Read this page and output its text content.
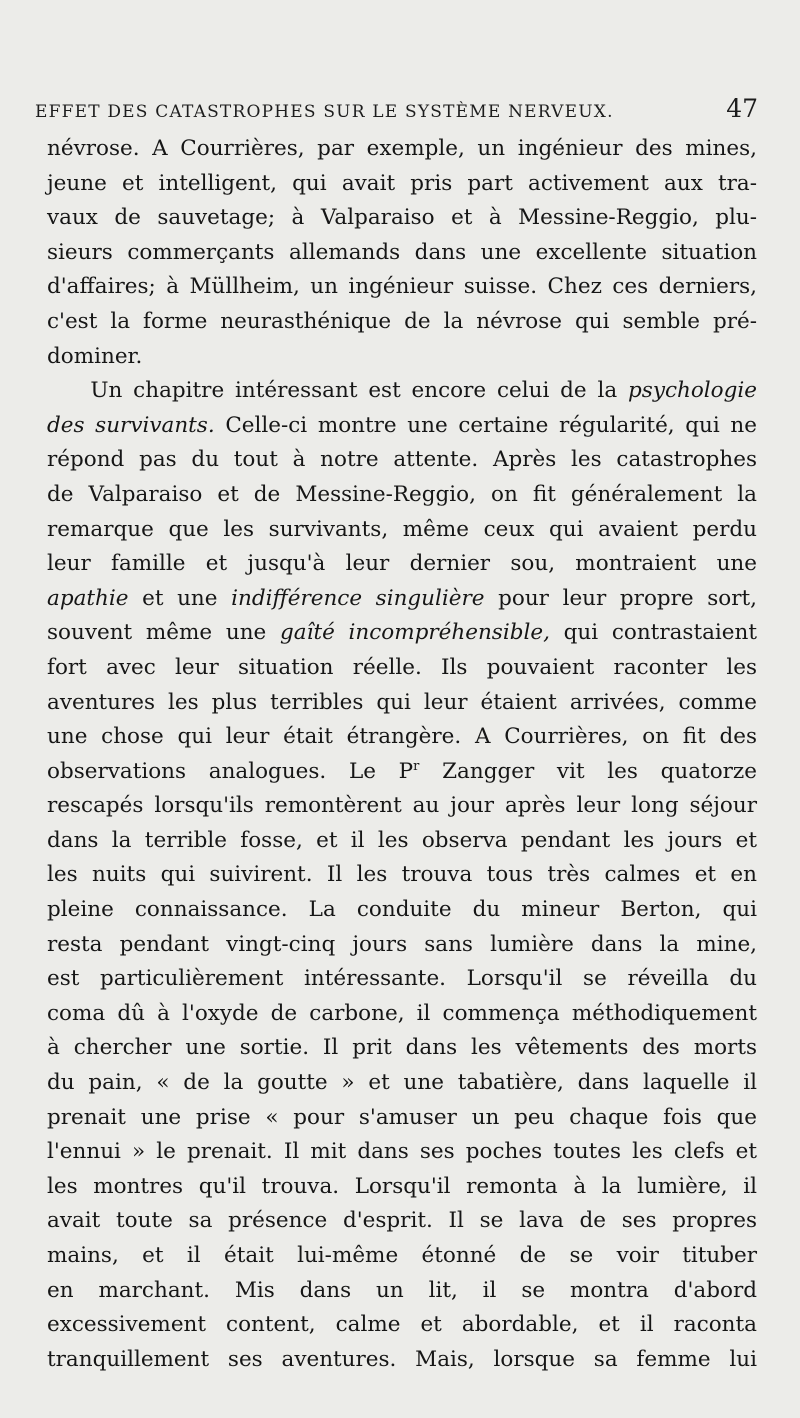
EFFET DES CATASTROPHES SUR LE SYSTÈME NERVEUX.	47
névrose. A Courrières, par exemple, un ingénieur des mines,
jeune et intelligent, qui avait pris part activement aux tra-
vaux de sauvetage; à Valparaiso et à Messine-Reggio, plu-
sieurs commerçants allemands dans une excellente situation
d'affaires; à Müllheim, un ingénieur suisse. Chez ces derniers,
c'est la forme neurasthénique de la névrose qui semble pré-
dominer.
Un chapitre intéressant est encore celui de la psychologie
des survivants. Celle-ci montre une certaine régularité, qui ne
répond pas du tout à notre attente. Après les catastrophes
de Valparaiso et de Messine-Reggio, on fit généralement la
remarque que les survivants, même ceux qui avaient perdu
leur famille et jusqu'à leur dernier sou, montraient une
apathie et une indifférence singulière pour leur propre sort,
souvent même une gaîté incompréhensible, qui contrastaient
fort avec leur situation réelle. Ils pouvaient raconter les
aventures les plus terribles qui leur étaient arrivées, comme
une chose qui leur était étrangère. A Courrières, on fit des
observations analogues. Le $P^r$ Zangger vit les quatorze
rescapés lorsqu'ils remontèrent au jour après leur long séjour
dans la terrible fosse, et il les observa pendant les jours et
les nuits qui suivirent. Il les trouva tous très calmes et en
pleine connaissance. La conduite du mineur Berton, qui
resta pendant vingt-cinq jours sans lumière dans la mine,
est particulièrement intéressante. Lorsqu'il se réveilla du
coma dû à l'oxyde de carbone, il commença méthodiquement
à chercher une sortie. Il prit dans les vêtements des morts
du pain, « de la goutte » et une tabatière, dans laquelle il
prenait une prise « pour s'amuser un peu chaque fois que
l'ennui » le prenait. Il mit dans ses poches toutes les clefs et
les montres qu'il trouva. Lorsqu'il remonta à la lumière, il
avait toute sa présence d'esprit. Il se lava de ses propres
mains, et il était lui-même étonné de se voir tituber
en marchant. Mis dans un lit, il se montra d'abord
excessivement content, calme et abordable, et il raconta
tranquillement ses aventures. Mais, lorsque sa femme lui
